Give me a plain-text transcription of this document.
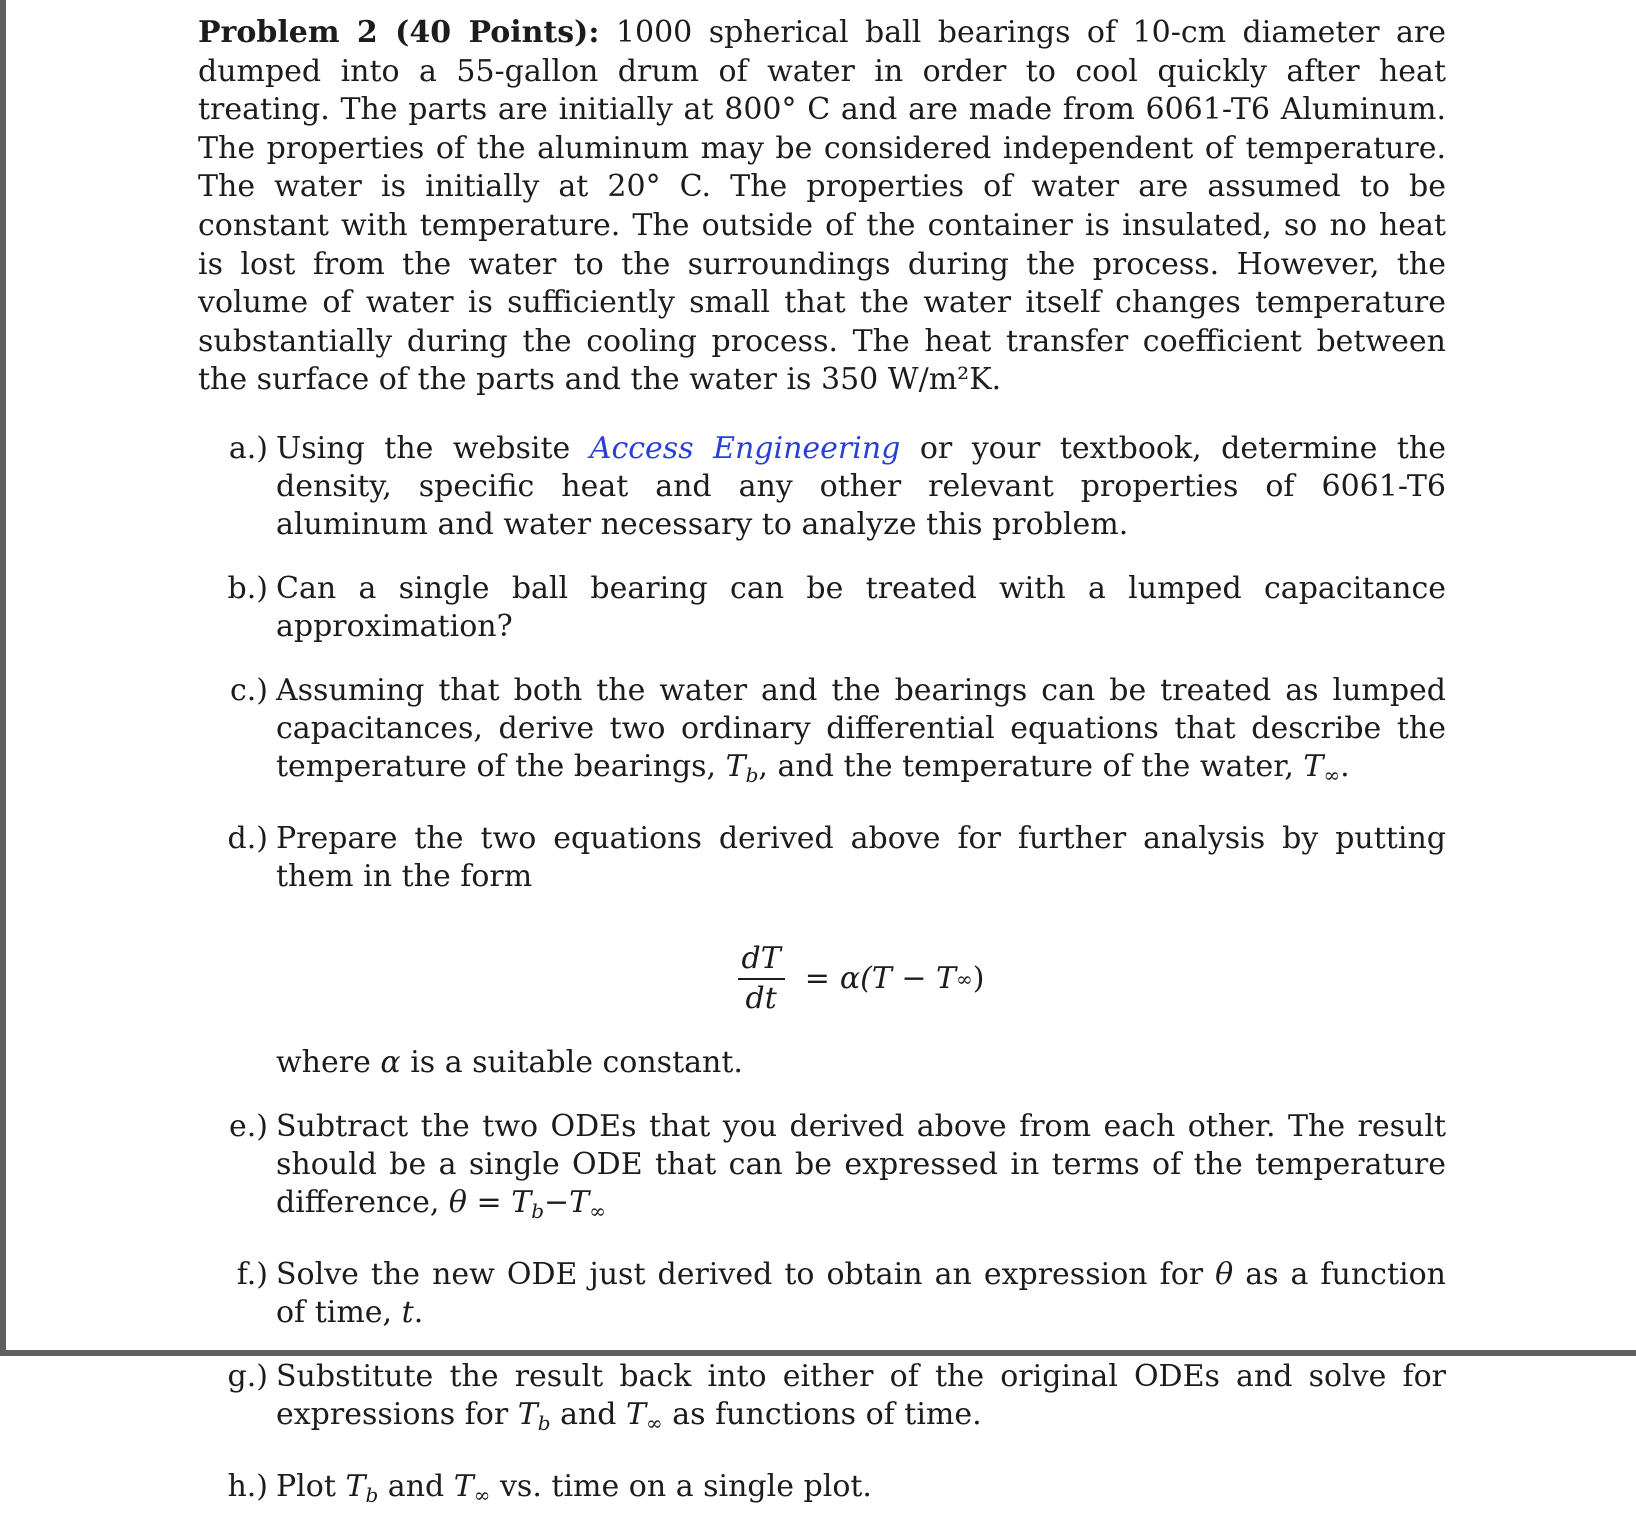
Problem 2 (40 Points): 1000 spherical ball bearings of 10-cm diameter are dumped into a 55-gallon drum of water in order to cool quickly after heat treating. The parts are initially at 800° C and are made from 6061-T6 Aluminum. The properties of the aluminum may be considered independent of temperature. The water is initially at 20° C. The properties of water are assumed to be constant with temperature. The outside of the container is insulated, so no heat is lost from the water to the surroundings during the process. However, the volume of water is sufficiently small that the water itself changes temperature substantially during the cooling process. The heat transfer coefficient between the surface of the parts and the water is 350 W/m²K.

a.) Using the website Access Engineering or your textbook, determine the density, specific heat and any other relevant properties of 6061-T6 aluminum and water necessary to analyze this problem.
b.) Can a single ball bearing can be treated with a lumped capacitance approximation?
c.) Assuming that both the water and the bearings can be treated as lumped capacitances, derive two ordinary differential equations that describe the temperature of the bearings, $T_b$, and the temperature of the water, $T_\infty$.
d.) Prepare the two equations derived above for further analysis by putting them in the form
$\frac{dT}{dt} = \alpha(T - T$ ∞ )
where α is a suitable constant.
e.) Subtract the two ODEs that you derived above from each other. The result should be a single ODE that can be expressed in terms of the temperature difference, $\theta = T_b-T_\infty$
f.) Solve the new ODE just derived to obtain an expression for θ as a function of time, t.
g.) Substitute the result back into either of the original ODEs and solve for expressions for $T_b$ and $T_\infty$ as functions of time.
h.) Plot $T_b$ and $T_\infty$ vs. time on a single plot.
